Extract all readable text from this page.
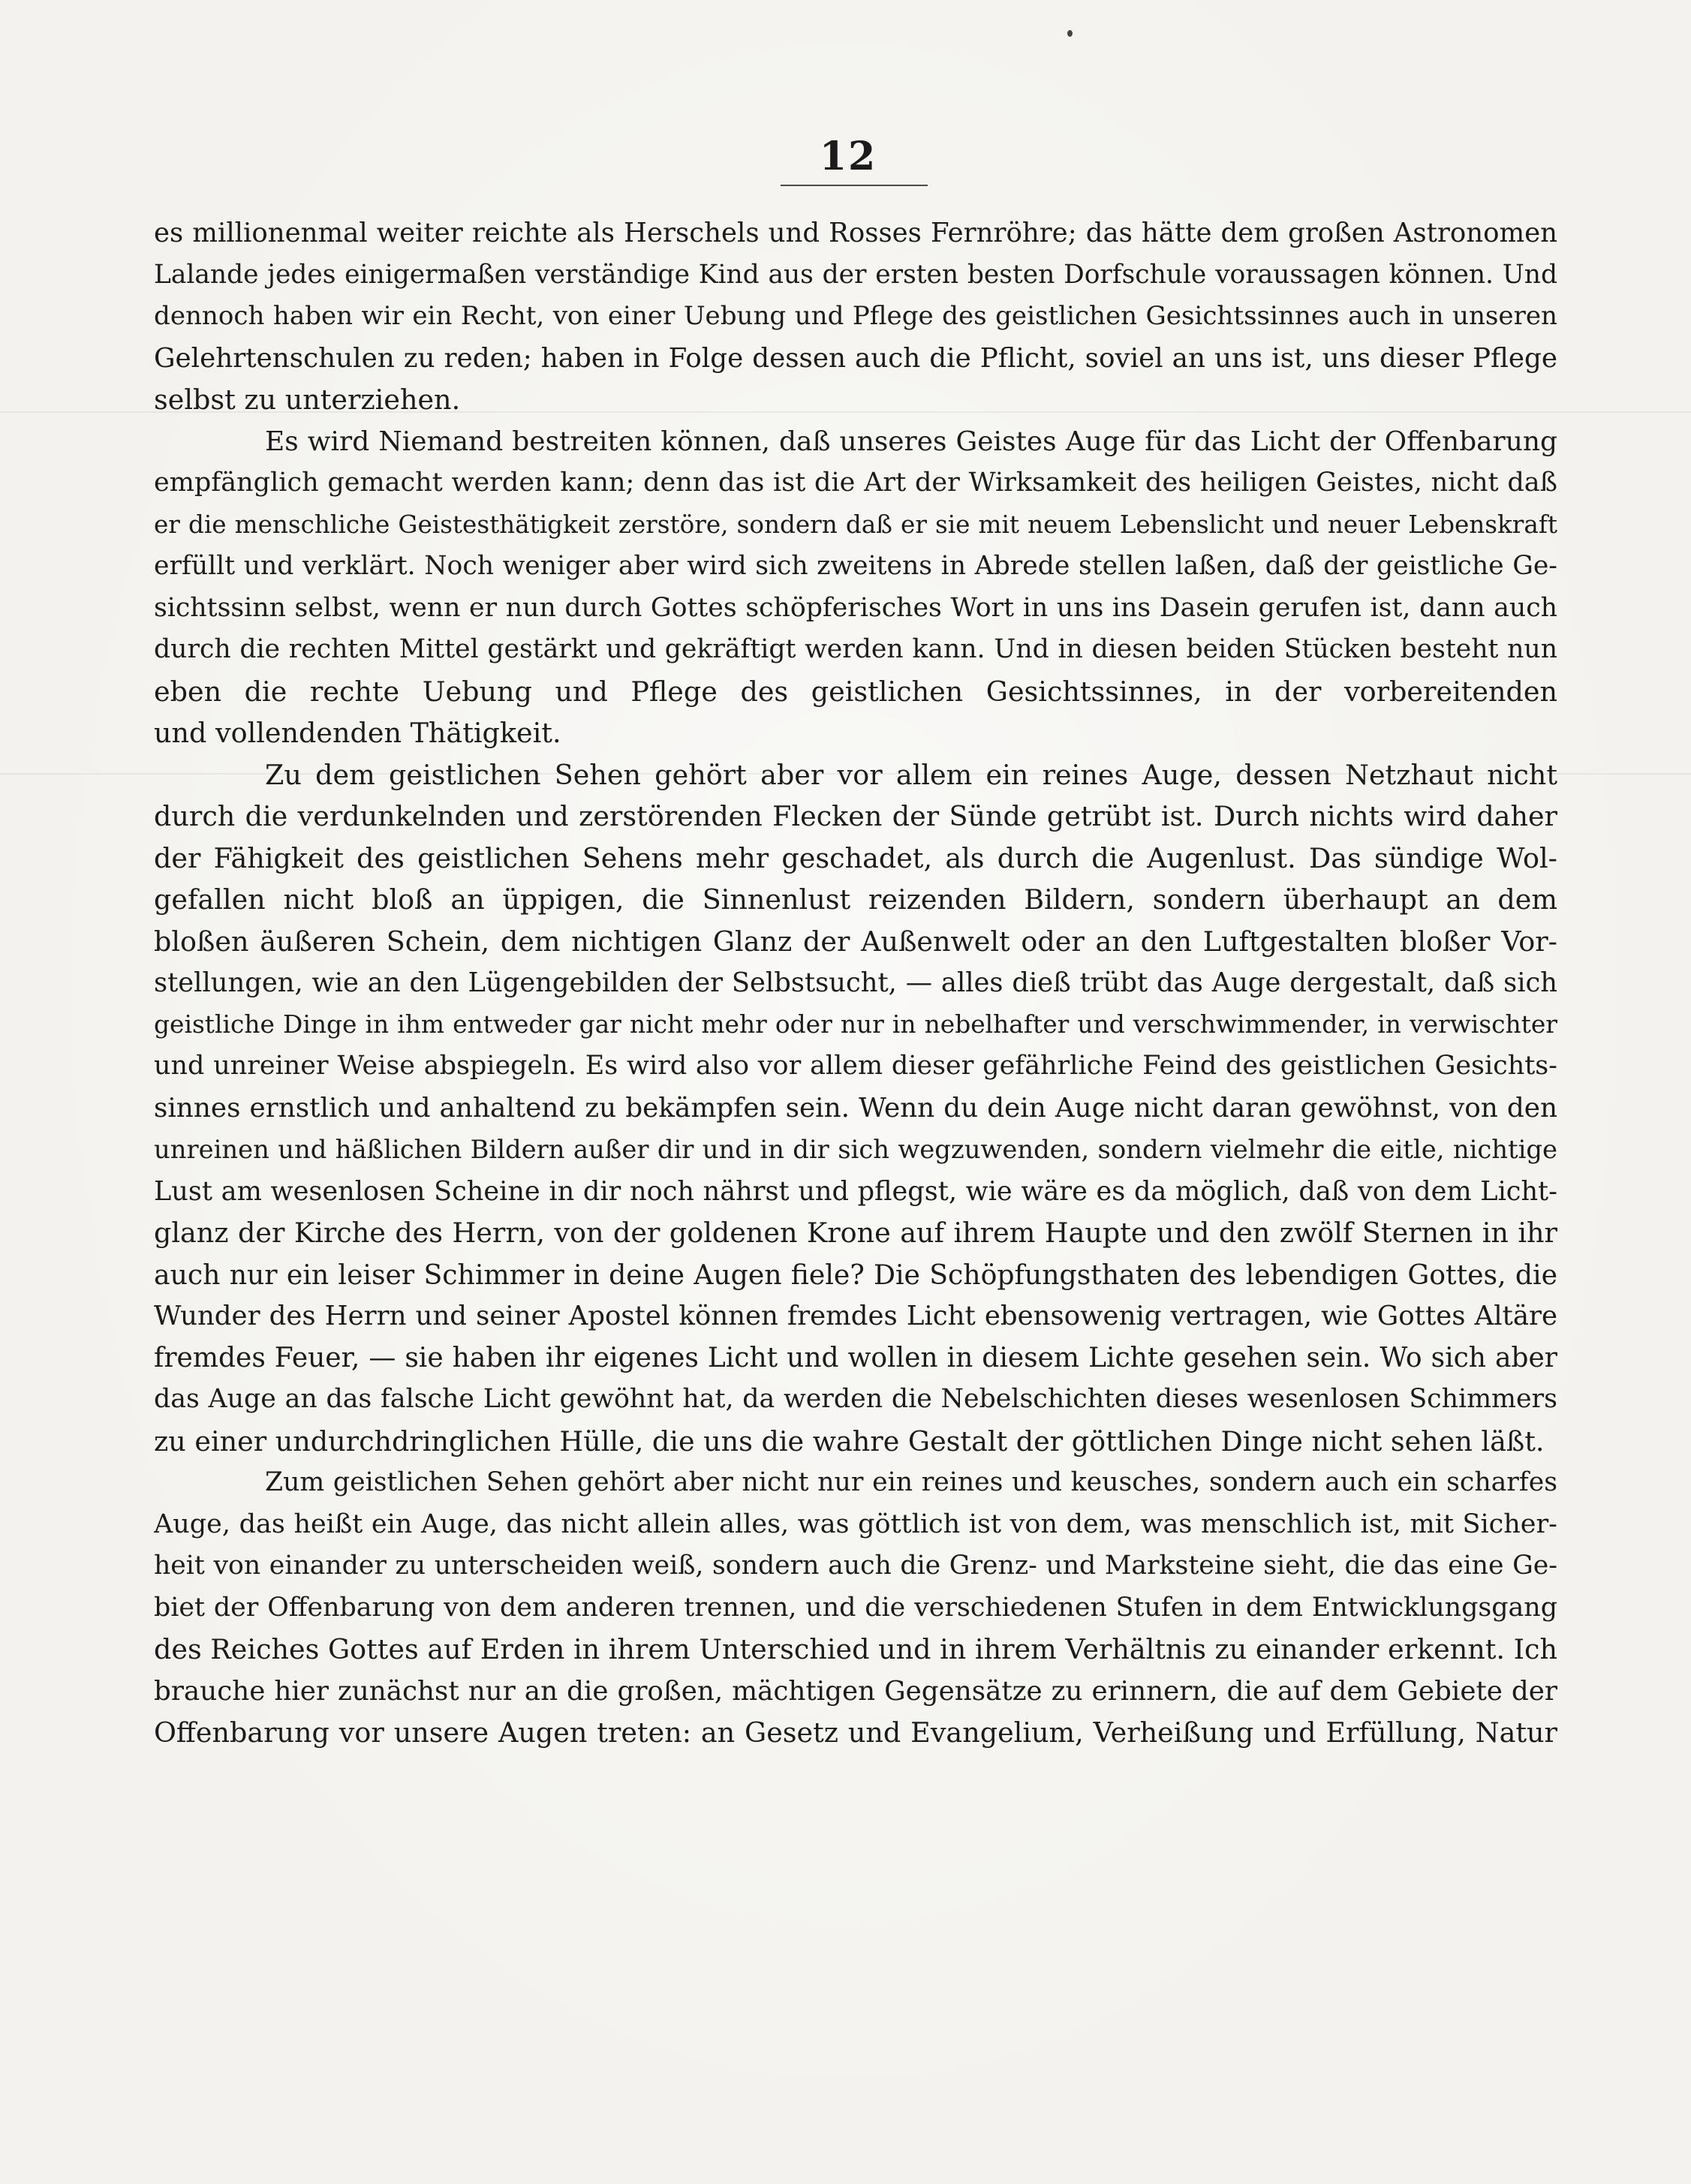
12
es millionenmal weiter reichte als Herschels und Rosses Fernröhre; das hätte dem großen Astronomen
Lalande jedes einigermaßen verständige Kind aus der ersten besten Dorfschule voraussagen können. Und
dennoch haben wir ein Recht, von einer Uebung und Pflege des geistlichen Gesichtssinnes auch in unseren
Gelehrtenschulen zu reden; haben in Folge dessen auch die Pflicht, soviel an uns ist, uns dieser Pflege
selbst zu unterziehen.
Es wird Niemand bestreiten können, daß unseres Geistes Auge für das Licht der Offenbarung
empfänglich gemacht werden kann; denn das ist die Art der Wirksamkeit des heiligen Geistes, nicht daß
er die menschliche Geistesthätigkeit zerstöre, sondern daß er sie mit neuem Lebenslicht und neuer Lebenskraft
erfüllt und verklärt. Noch weniger aber wird sich zweitens in Abrede stellen laßen, daß der geistliche Ge-
sichtssinn selbst, wenn er nun durch Gottes schöpferisches Wort in uns ins Dasein gerufen ist, dann auch
durch die rechten Mittel gestärkt und gekräftigt werden kann. Und in diesen beiden Stücken besteht nun
eben die rechte Uebung und Pflege des geistlichen Gesichtssinnes, in der vorbereitenden
und vollendenden Thätigkeit.
Zu dem geistlichen Sehen gehört aber vor allem ein reines Auge, dessen Netzhaut nicht
durch die verdunkelnden und zerstörenden Flecken der Sünde getrübt ist. Durch nichts wird daher
der Fähigkeit des geistlichen Sehens mehr geschadet, als durch die Augenlust. Das sündige Wol-
gefallen nicht bloß an üppigen, die Sinnenlust reizenden Bildern, sondern überhaupt an dem
bloßen äußeren Schein, dem nichtigen Glanz der Außenwelt oder an den Luftgestalten bloßer Vor-
stellungen, wie an den Lügengebilden der Selbstsucht, — alles dieß trübt das Auge dergestalt, daß sich
geistliche Dinge in ihm entweder gar nicht mehr oder nur in nebelhafter und verschwimmender, in verwischter
und unreiner Weise abspiegeln. Es wird also vor allem dieser gefährliche Feind des geistlichen Gesichts-
sinnes ernstlich und anhaltend zu bekämpfen sein. Wenn du dein Auge nicht daran gewöhnst, von den
unreinen und häßlichen Bildern außer dir und in dir sich wegzuwenden, sondern vielmehr die eitle, nichtige
Lust am wesenlosen Scheine in dir noch nährst und pflegst, wie wäre es da möglich, daß von dem Licht-
glanz der Kirche des Herrn, von der goldenen Krone auf ihrem Haupte und den zwölf Sternen in ihr
auch nur ein leiser Schimmer in deine Augen fiele? Die Schöpfungsthaten des lebendigen Gottes, die
Wunder des Herrn und seiner Apostel können fremdes Licht ebensowenig vertragen, wie Gottes Altäre
fremdes Feuer, — sie haben ihr eigenes Licht und wollen in diesem Lichte gesehen sein. Wo sich aber
das Auge an das falsche Licht gewöhnt hat, da werden die Nebelschichten dieses wesenlosen Schimmers
zu einer undurchdringlichen Hülle, die uns die wahre Gestalt der göttlichen Dinge nicht sehen läßt.
Zum geistlichen Sehen gehört aber nicht nur ein reines und keusches, sondern auch ein scharfes
Auge, das heißt ein Auge, das nicht allein alles, was göttlich ist von dem, was menschlich ist, mit Sicher-
heit von einander zu unterscheiden weiß, sondern auch die Grenz- und Marksteine sieht, die das eine Ge-
biet der Offenbarung von dem anderen trennen, und die verschiedenen Stufen in dem Entwicklungsgang
des Reiches Gottes auf Erden in ihrem Unterschied und in ihrem Verhältnis zu einander erkennt. Ich
brauche hier zunächst nur an die großen, mächtigen Gegensätze zu erinnern, die auf dem Gebiete der
Offenbarung vor unsere Augen treten: an Gesetz und Evangelium, Verheißung und Erfüllung, Natur
